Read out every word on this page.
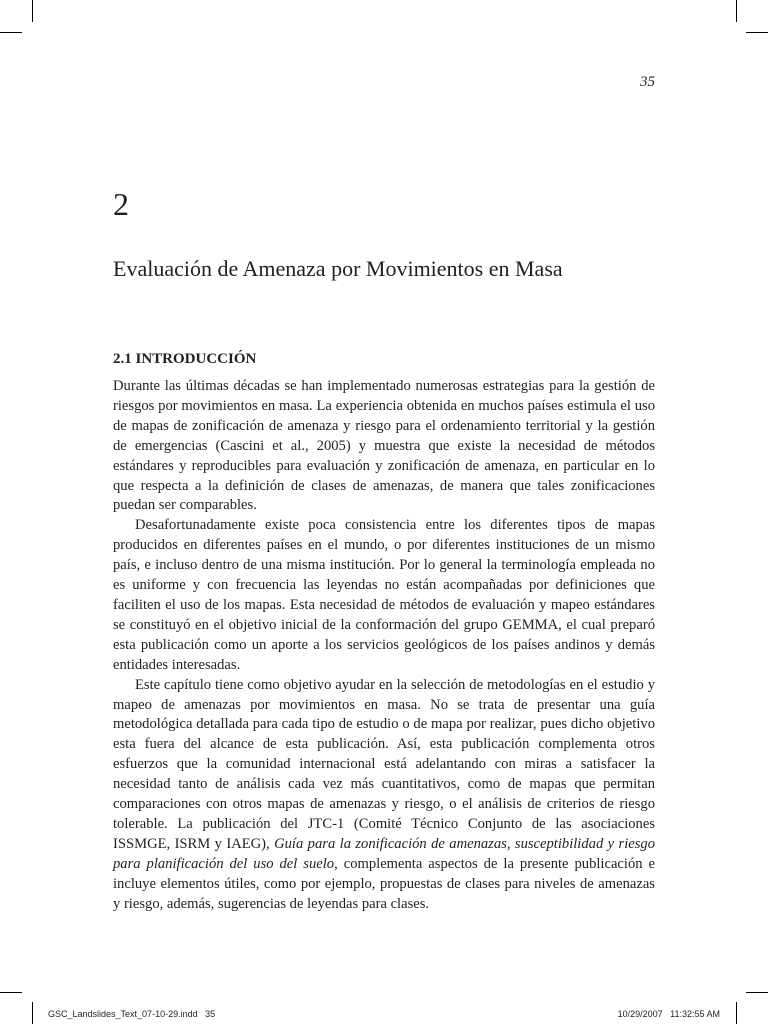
35
2
Evaluación de Amenaza por Movimientos en Masa
2.1 INTRODUCCIÓN

Durante las últimas décadas se han implementado numerosas estrategias para la gestión de riesgos por movimientos en masa. La experiencia obtenida en muchos países estimula el uso de mapas de zonificación de amenaza y riesgo para el ordenamiento territorial y la gestión de emergencias (Cascini et al., 2005) y muestra que existe la necesidad de métodos estándares y reproducibles para evaluación y zonificación de amenaza, en particular en lo que respecta a la definición de clases de amenazas, de manera que tales zonificaciones puedan ser comparables.

Desafortunadamente existe poca consistencia entre los diferentes tipos de mapas producidos en diferentes países en el mundo, o por diferentes instituciones de un mismo país, e incluso dentro de una misma institución. Por lo general la terminología empleada no es uniforme y con frecuencia las leyendas no están acompañadas por definiciones que faciliten el uso de los mapas. Esta necesidad de métodos de evaluación y mapeo estándares se constituyó en el objetivo inicial de la conformación del grupo GEMMA, el cual preparó esta publicación como un aporte a los servicios geológicos de los países andinos y demás entidades interesadas.

Este capítulo tiene como objetivo ayudar en la selección de metodologías en el estudio y mapeo de amenazas por movimientos en masa. No se trata de presentar una guía metodológica detallada para cada tipo de estudio o de mapa por realizar, pues dicho objetivo esta fuera del alcance de esta publicación. Así, esta publicación complementa otros esfuerzos que la comunidad internacional está adelantando con miras a satisfacer la necesidad tanto de análisis cada vez más cuantitativos, como de mapas que permitan comparaciones con otros mapas de amenazas y riesgo, o el análisis de criterios de riesgo tolerable. La publicación del JTC-1 (Comité Técnico Conjunto de las asociaciones ISSMGE, ISRM y IAEG), Guía para la zonificación de amenazas, susceptibilidad y riesgo para planificación del uso del suelo, complementa aspectos de la presente publicación e incluye elementos útiles, como por ejemplo, propuestas de clases para niveles de amenazas y riesgo, además, sugerencias de leyendas para clases.

GSC_Landslides_Text_07-10-29.indd   35	10/29/2007   11:32:55 AM
